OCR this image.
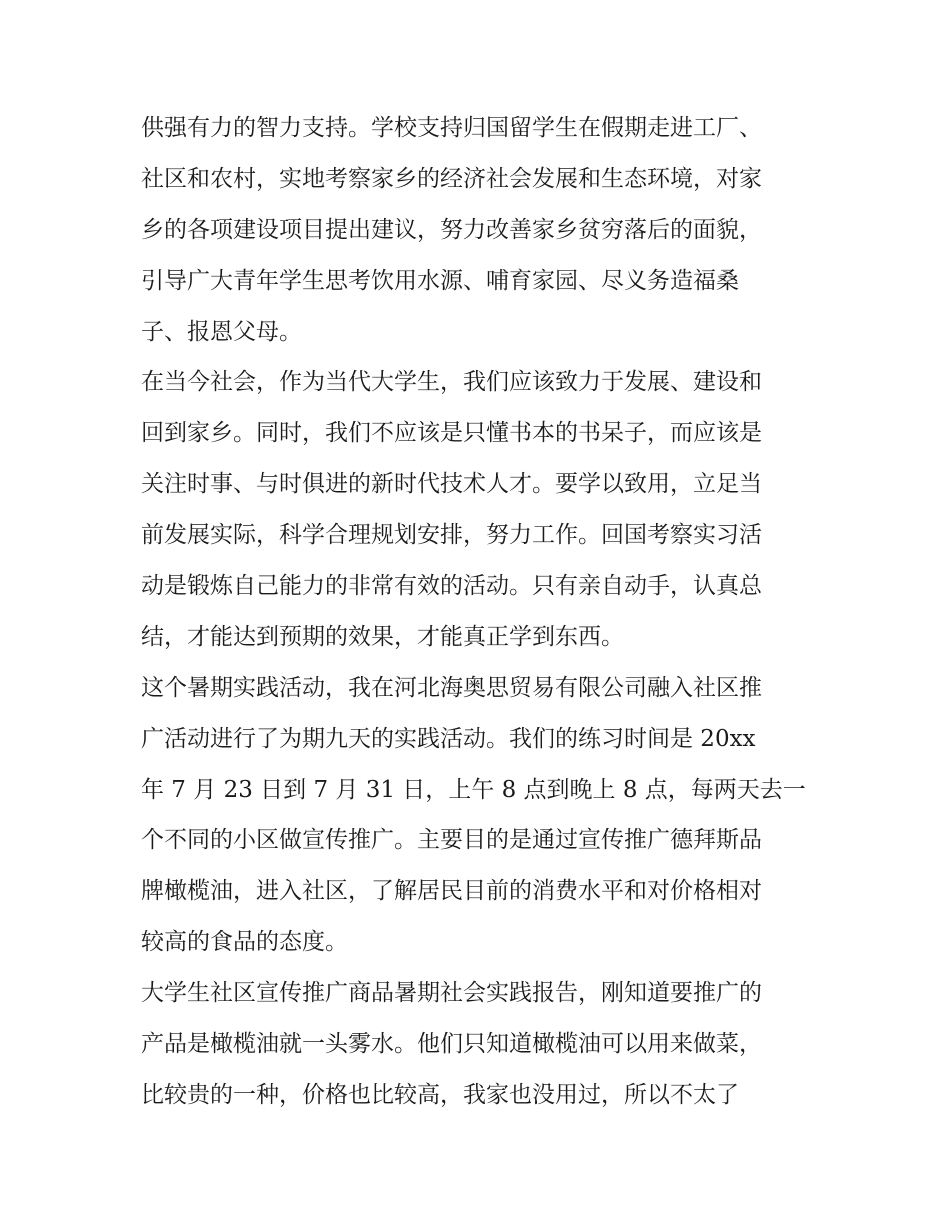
供强有力的智力支持。学校支持归国留学生在假期走进工厂、
社区和农村，实地考察家乡的经济社会发展和生态环境，对家
乡的各项建设项目提出建议，努力改善家乡贫穷落后的面貌，
引导广大青年学生思考饮用水源、哺育家园、尽义务造福桑
子、报恩父母。
在当今社会，作为当代大学生，我们应该致力于发展、建设和
回到家乡。同时，我们不应该是只懂书本的书呆子，而应该是
关注时事、与时俱进的新时代技术人才。要学以致用，立足当
前发展实际，科学合理规划安排，努力工作。回国考察实习活
动是锻炼自己能力的非常有效的活动。只有亲自动手，认真总
结，才能达到预期的效果，才能真正学到东西。
这个暑期实践活动，我在河北海奥思贸易有限公司融入社区推
广活动进行了为期九天的实践活动。我们的练习时间是 20xx
年 7 月 23 日到 7 月 31 日，上午 8 点到晚上 8 点，每两天去一
个不同的小区做宣传推广。主要目的是通过宣传推广德拜斯品
牌橄榄油，进入社区，了解居民目前的消费水平和对价格相对
较高的食品的态度。
大学生社区宣传推广商品暑期社会实践报告，刚知道要推广的
产品是橄榄油就一头雾水。他们只知道橄榄油可以用来做菜，
比较贵的一种，价格也比较高，我家也没用过，所以不太了
